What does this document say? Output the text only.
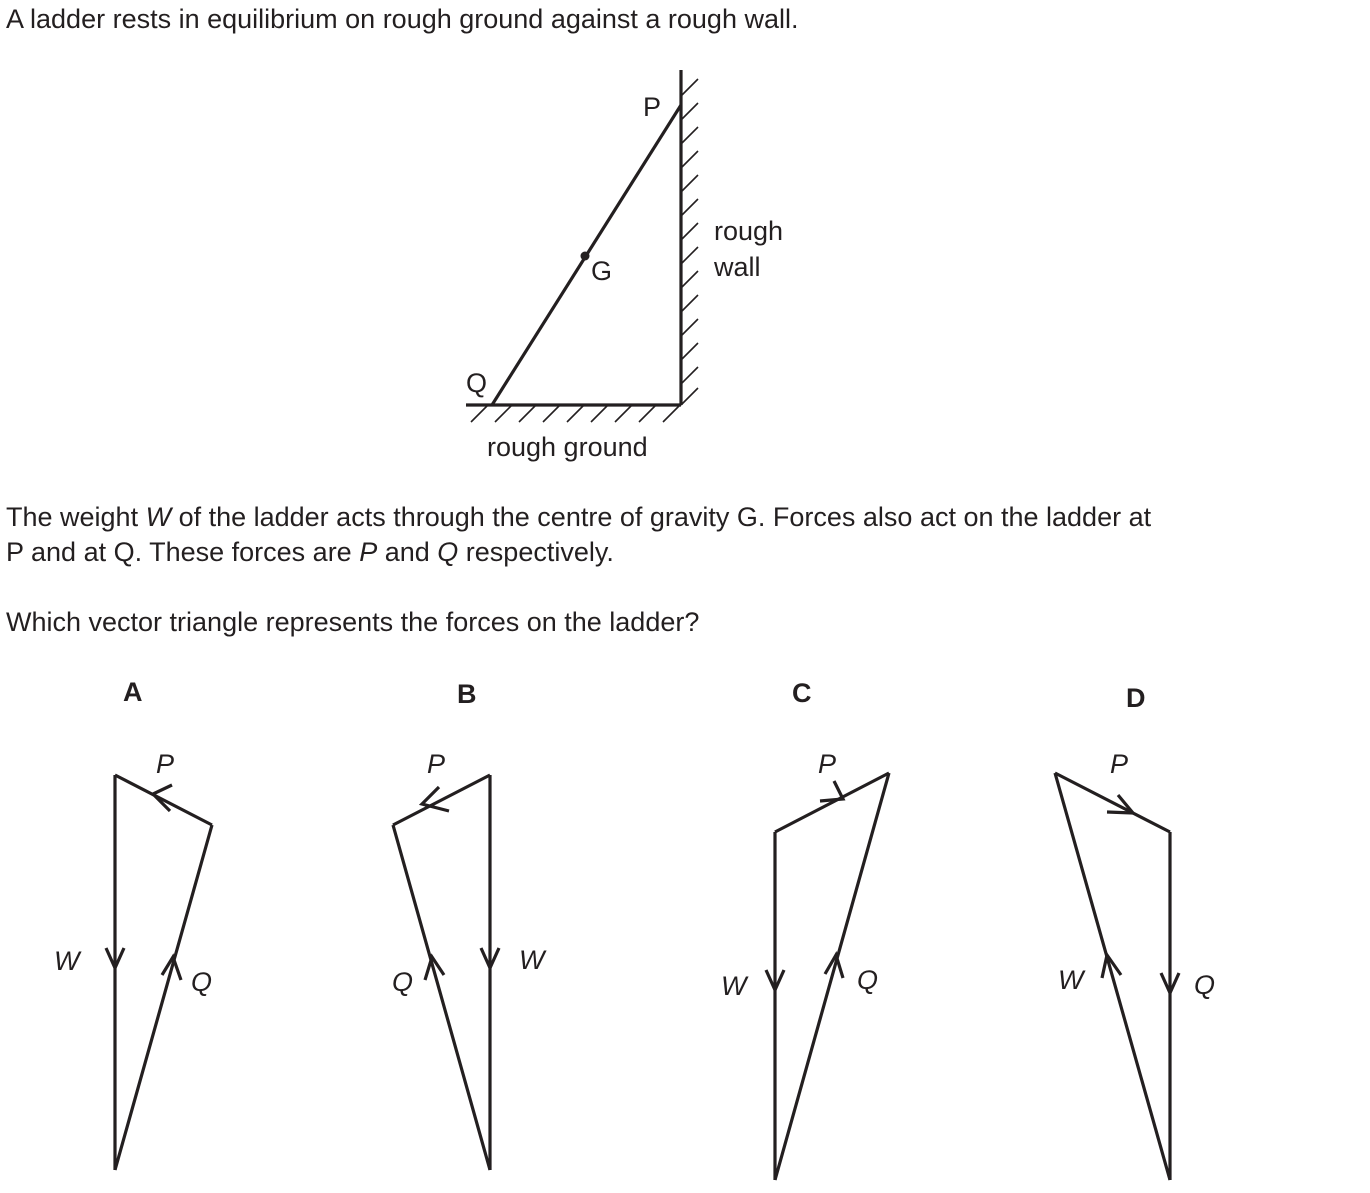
A ladder rests in equilibrium on rough ground against a rough wall.

The weight W of the ladder acts through the centre of gravity G. Forces also act on the ladder at
P and at Q. These forces are P and Q respectively.

Which vector triangle represents the forces on the ladder?

P
G
Q
rough
wall
rough ground
A	B	C	D
P
W
Q
P
W
Q
P
W	Q
P
W	Q
